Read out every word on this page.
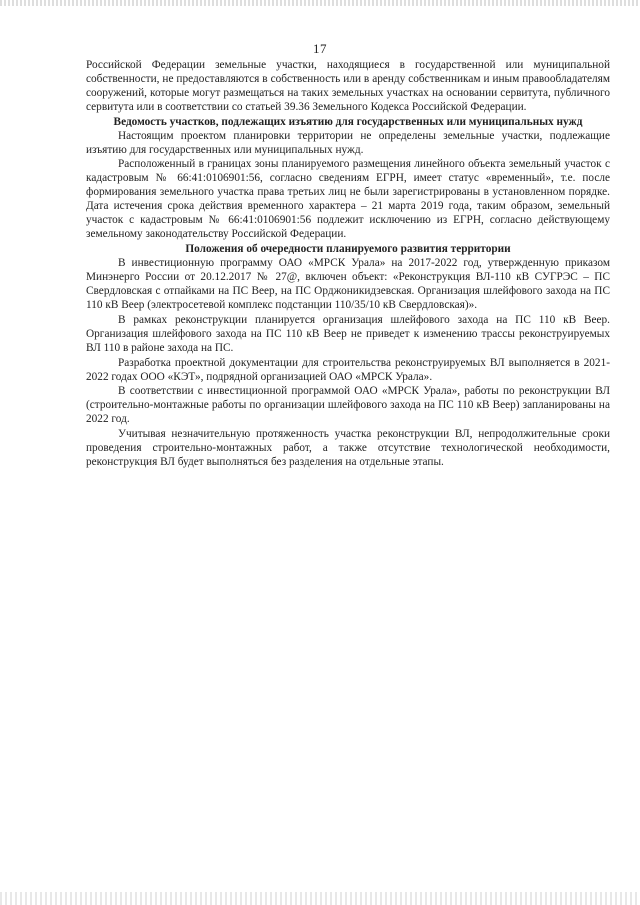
17

Российской Федерации земельные участки, находящиеся в государственной или муниципальной собственности, не предоставляются в собственность или в аренду собственникам и иным правообладателям сооружений, которые могут размещаться на таких земельных участках на основании сервитута, публичного сервитута или в соответствии со статьей 39.36 Земельного Кодекса Российской Федерации.

Ведомость участков, подлежащих изъятию для государственных или муниципальных нужд

Настоящим проектом планировки территории не определены земельные участки, подлежащие изъятию для государственных или муниципальных нужд.

Расположенный в границах зоны планируемого размещения линейного объекта земельный участок с кадастровым № 66:41:0106901:56, согласно сведениям ЕГРН, имеет статус «временный», т.е. после формирования земельного участка права третьих лиц не были зарегистрированы в установленном порядке. Дата истечения срока действия временного характера – 21 марта 2019 года, таким образом, земельный участок с кадастровым № 66:41:0106901:56 подлежит исключению из ЕГРН, согласно действующему земельному законодательству Российской Федерации.

Положения об очередности планируемого развития территории

В инвестиционную программу ОАО «МРСК Урала» на 2017-2022 год, утвержденную приказом Минэнерго России от 20.12.2017 № 27@, включен объект: «Реконструкция ВЛ-110 кВ СУГРЭС – ПС Свердловская с отпайками на ПС Веер, на ПС Орджоникидзевская. Организация шлейфового захода на ПС 110 кВ Веер (электросетевой комплекс подстанции 110/35/10 кВ Свердловская)».

В рамках реконструкции планируется организация шлейфового захода на ПС 110 кВ Веер. Организация шлейфового захода на ПС 110 кВ Веер не приведет к изменению трассы реконструируемых ВЛ 110 в районе захода на ПС.

Разработка проектной документации для строительства реконструируемых ВЛ выполняется в 2021-2022 годах ООО «КЭТ», подрядной организацией ОАО «МРСК Урала».

В соответствии с инвестиционной программой ОАО «МРСК Урала», работы по реконструкции ВЛ (строительно-монтажные работы по организации шлейфового захода на ПС 110 кВ Веер) запланированы на 2022 год.

Учитывая незначительную протяженность участка реконструкции ВЛ, непродолжительные сроки проведения строительно-монтажных работ, а также отсутствие технологической необходимости, реконструкция ВЛ будет выполняться без разделения на отдельные этапы.
